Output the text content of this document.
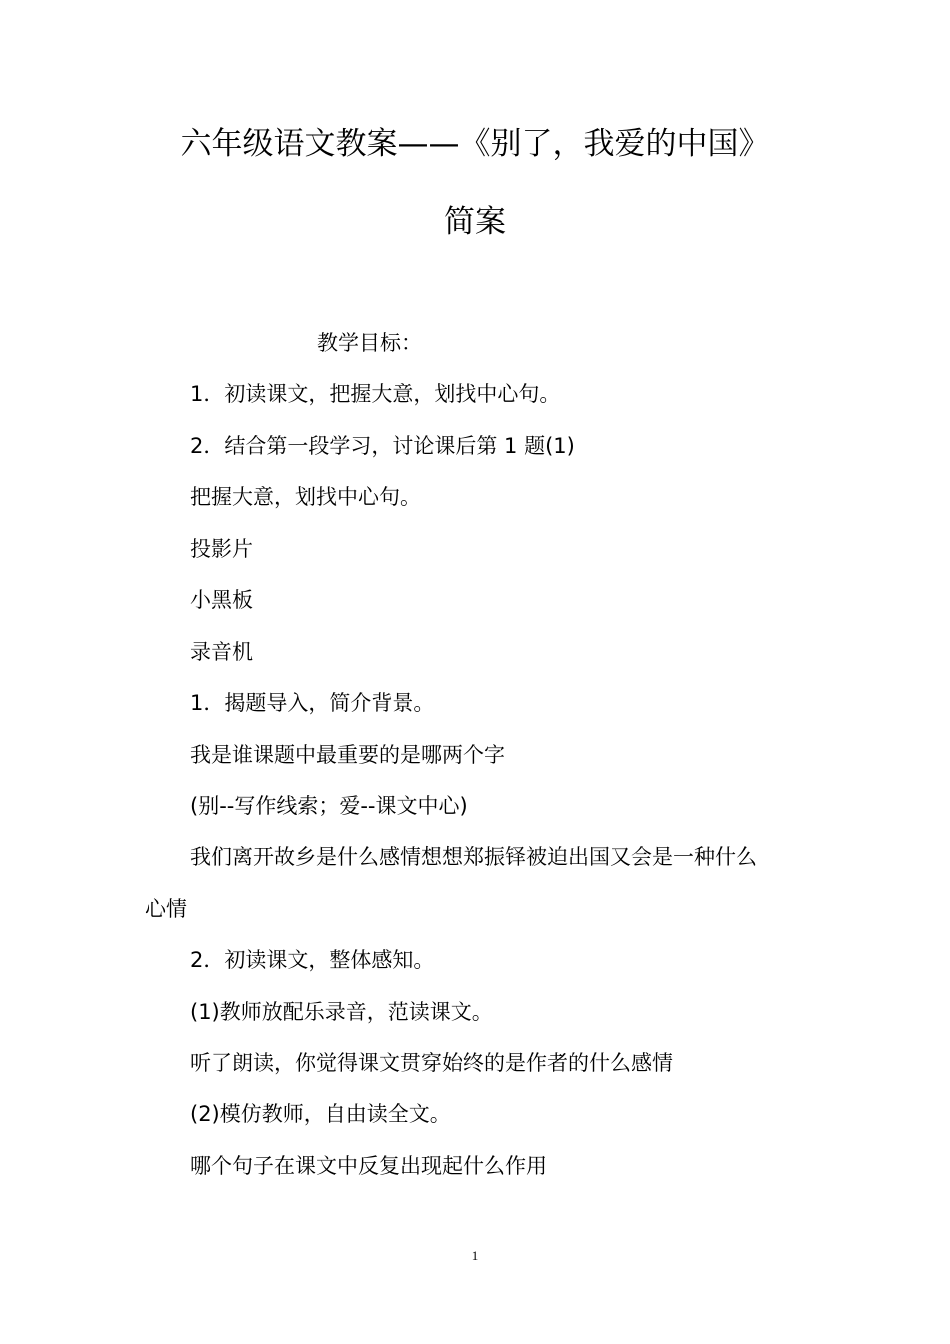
六年级语文教案——《别了，我爱的中国》
简案
教学目标：
1．初读课文，把握大意，划找中心句。
2．结合第一段学习，讨论课后第 1 题(1)
把握大意，划找中心句。
投影片
小黑板
录音机
1．揭题导入，简介背景。
我是谁课题中最重要的是哪两个字
(别--写作线索；爱--课文中心)
我们离开故乡是什么感情想想郑振铎被迫出国又会是一种什么
心情
2．初读课文，整体感知。
(1)教师放配乐录音，范读课文。
听了朗读，你觉得课文贯穿始终的是作者的什么感情
(2)模仿教师，自由读全文。
哪个句子在课文中反复出现起什么作用
1
